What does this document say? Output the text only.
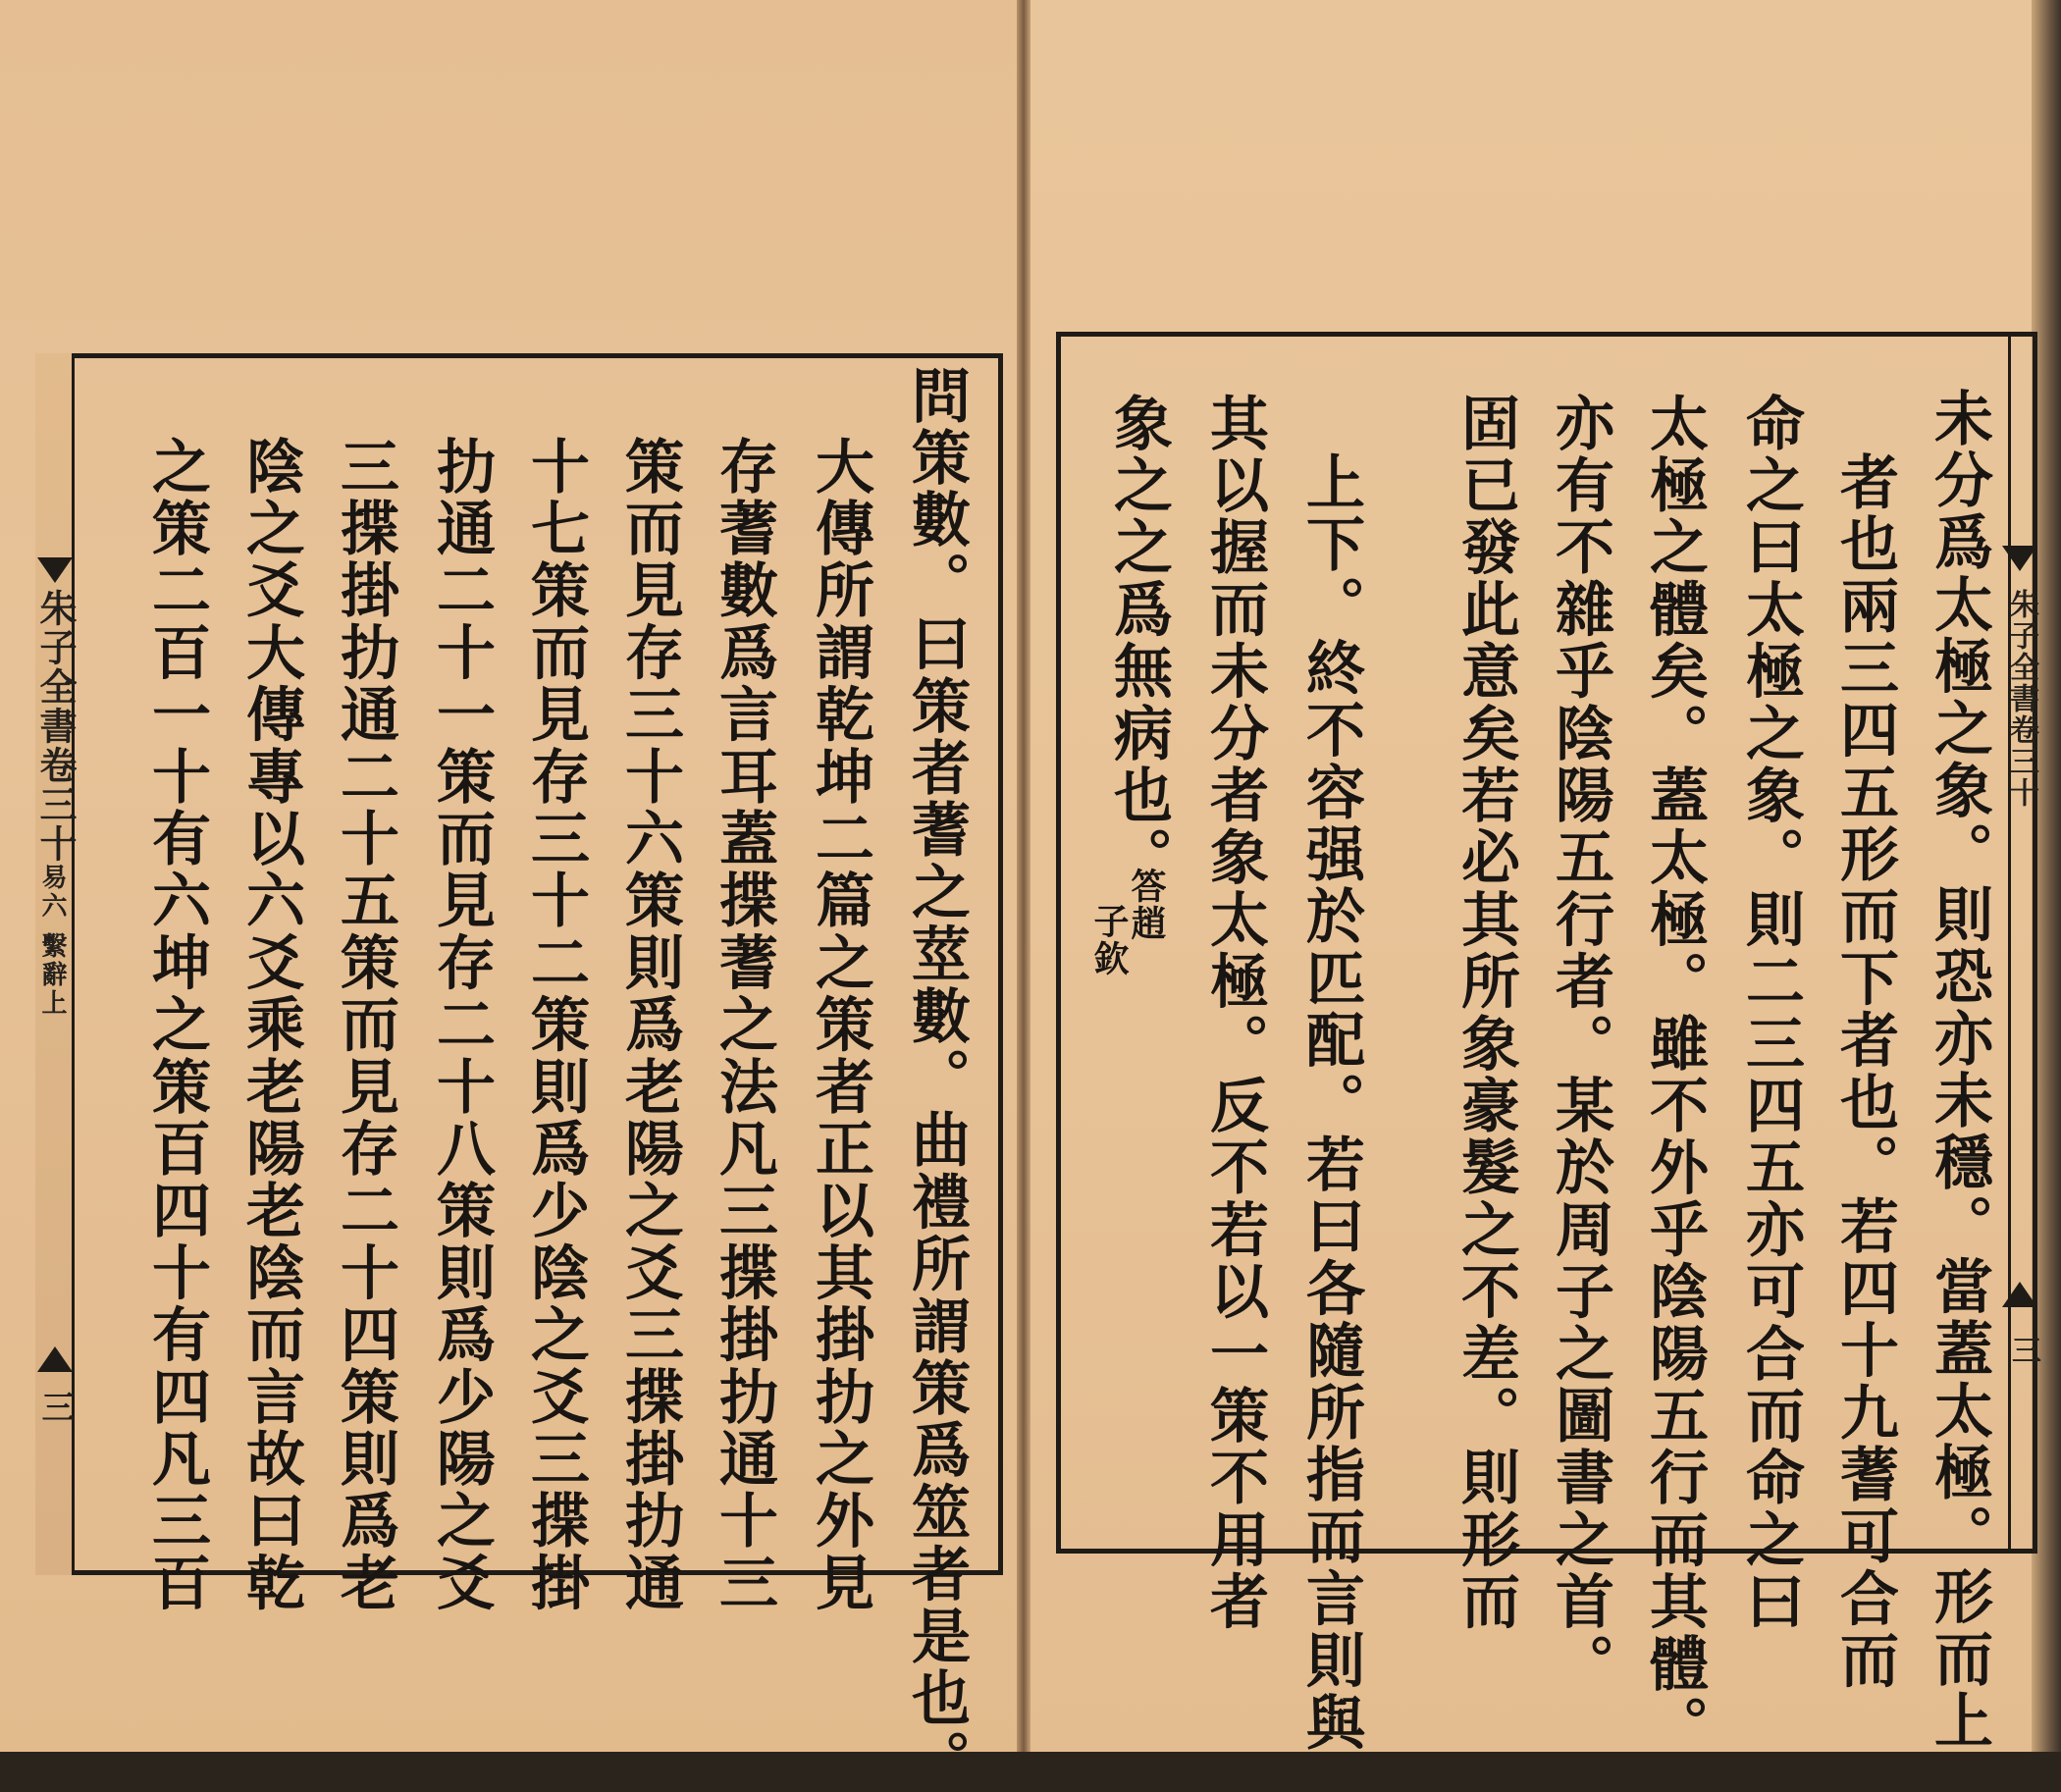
朱子全書卷三十
易六 繫辭上
三	問策數。曰策者蓍之莖數。曲禮所謂策爲筮者是也。
大傳所謂乾坤二篇之策者正以其掛扐之外見
存蓍數爲言耳蓋揲蓍之法凡三揲掛扐通十三
策而見存三十六策則爲老陽之爻三揲掛扐通
十七策而見存三十二策則爲少陰之爻三揲掛
扐通二十一策而見存二十八策則爲少陽之爻
三揲掛扐通二十五策而見存二十四策則爲老
陰之爻大傳專以六爻乘老陽老陰而言故曰乾
之策二百一十有六坤之策百四十有四凡三百	朱子全書卷三十
三
未分爲太極之象。則恐亦未穩。當蓋太極。形而上
者也兩三四五形而下者也。若四十九蓍可合而
命之曰太極之象。則二三四五亦可合而命之曰
太極之體矣。蓋太極。雖不外乎陰陽五行而其體。
亦有不雜乎陰陽五行者。某於周子之圖書之首。
固已發此意矣若必其所象豪髮之不差。則形而
上下。終不容强於匹配。若曰各隨所指而言則與
其以握而未分者象太極。反不若以一策不用者
象之之爲無病也。
答趙
子欽
